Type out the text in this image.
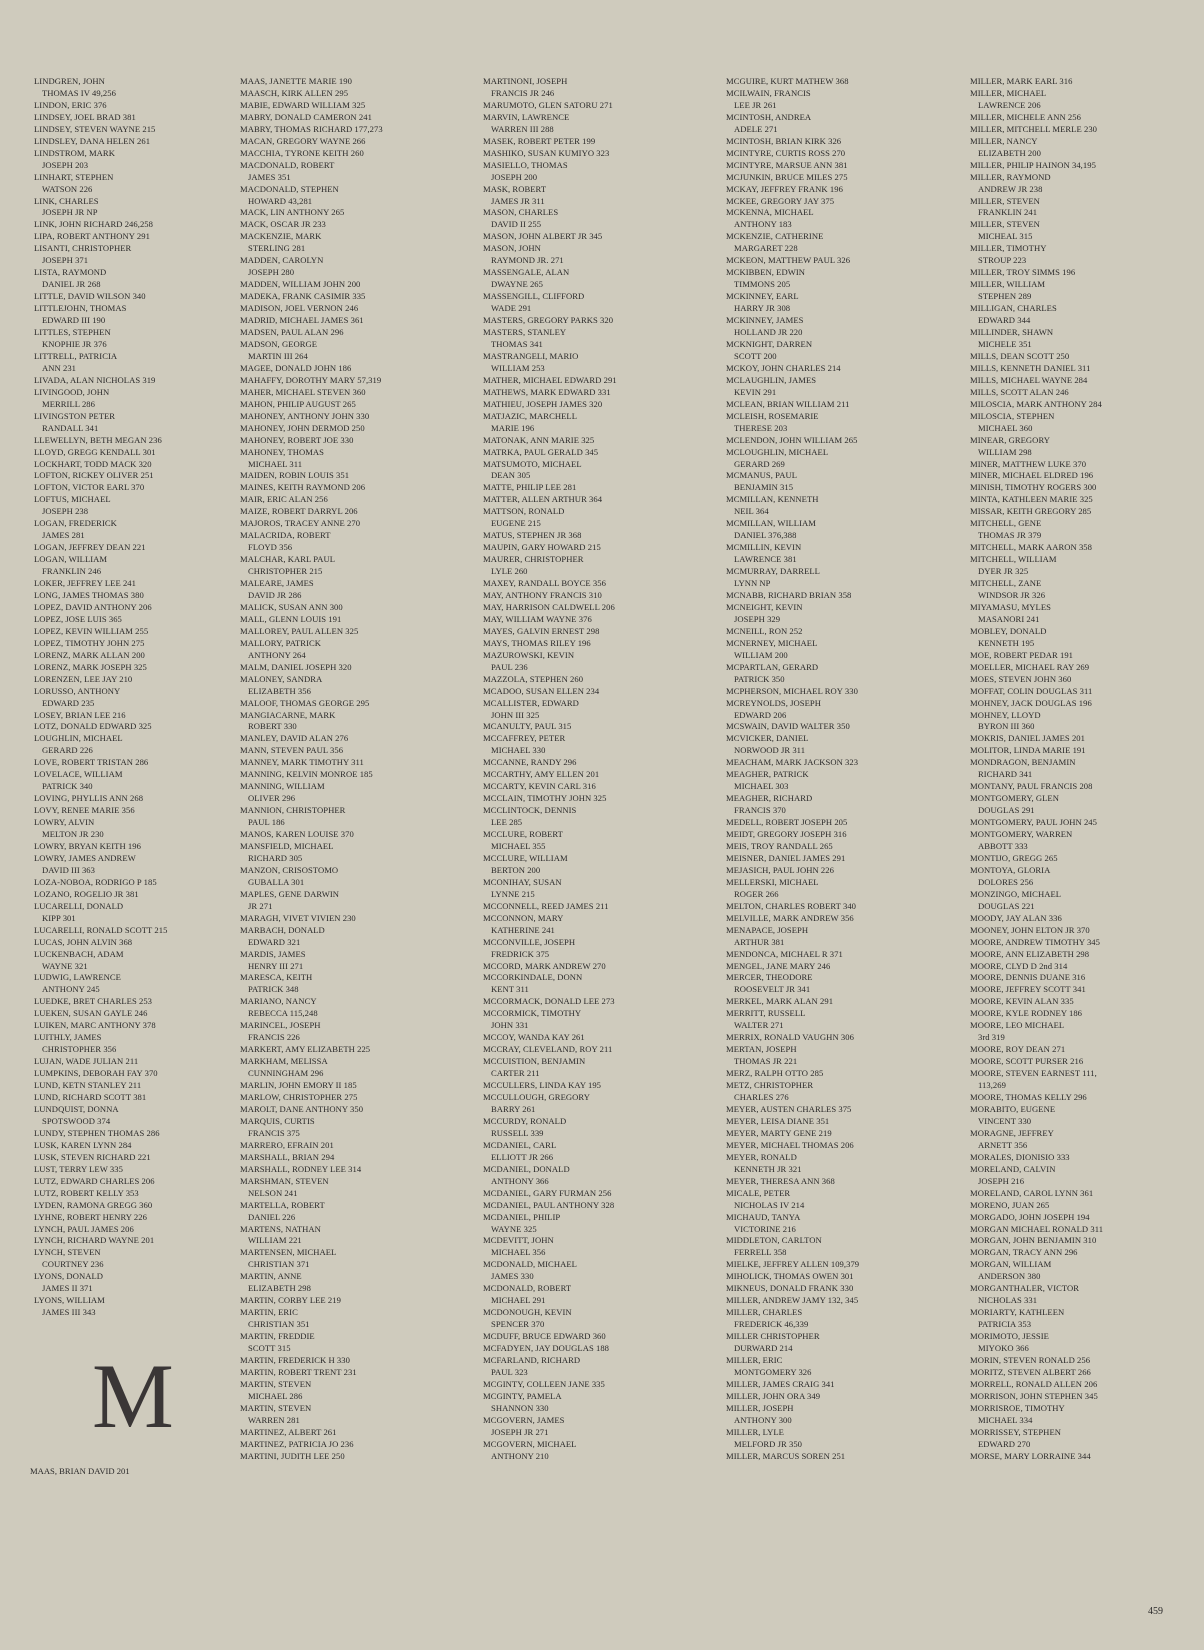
LINDGREN, JOHN
THOMAS IV 49,256
LINDON, ERIC 376
LINDSEY, JOEL BRAD 381
LINDSEY, STEVEN WAYNE 215
LINDSLEY, DANA HELEN 261
LINDSTROM, MARK
JOSEPH 203
LINHART, STEPHEN
WATSON 226
LINK, CHARLES
JOSEPH JR NP
LINK, JOHN RICHARD 246,258
LIPA, ROBERT ANTHONY 291
LISANTI, CHRISTOPHER
JOSEPH 371
LISTA, RAYMOND
DANIEL JR 268
LITTLE, DAVID WILSON 340
LITTLEJOHN, THOMAS
EDWARD III 190
LITTLES, STEPHEN
KNOPHIE JR 376
LITTRELL, PATRICIA
ANN 231
LIVADA, ALAN NICHOLAS 319
LIVINGOOD, JOHN
MERRILL 286
LIVINGSTON PETER
RANDALL 341
LLEWELLYN, BETH MEGAN 236
LLOYD, GREGG KENDALL 301
LOCKHART, TODD MACK 320
LOFTON, RICKEY OLIVER 251
LOFTON, VICTOR EARL 370
LOFTUS, MICHAEL
JOSEPH 238
LOGAN, FREDERICK
JAMES 281
LOGAN, JEFFREY DEAN 221
LOGAN, WILLIAM
FRANKLIN 246
LOKER, JEFFREY LEE 241
LONG, JAMES THOMAS 380
LOPEZ, DAVID ANTHONY 206
LOPEZ, JOSE LUIS 365
LOPEZ, KEVIN WILLIAM 255
LOPEZ, TIMOTHY JOHN 275
LORENZ, MARK ALLAN 200
LORENZ, MARK JOSEPH 325
LORENZEN, LEE JAY 210
LORUSSO, ANTHONY
EDWARD 235
LOSEY, BRIAN LEE 216
LOTZ, DONALD EDWARD 325
LOUGHLIN, MICHAEL
GERARD 226
LOVE, ROBERT TRISTAN 286
LOVELACE, WILLIAM
PATRICK 340
LOVING, PHYLLIS ANN 268
LOVY, RENEE MARIE 356
LOWRY, ALVIN
MELTON JR 230
LOWRY, BRYAN KEITH 196
LOWRY, JAMES ANDREW
DAVID III 363
LOZA-NOBOA, RODRIGO P 185
LOZANO, ROGELIO JR 381
LUCARELLI, DONALD
KIPP 301
LUCARELLI, RONALD SCOTT 215
LUCAS, JOHN ALVIN 368
LUCKENBACH, ADAM
WAYNE 321
LUDWIG, LAWRENCE
ANTHONY 245
LUEDKE, BRET CHARLES 253
LUEKEN, SUSAN GAYLE 246
LUIKEN, MARC ANTHONY 378
LUITHLY, JAMES
CHRISTOPHER 356
LUJAN, WADE JULIAN 211
LUMPKINS, DEBORAH FAY 370
LUND, KETN STANLEY 211
LUND, RICHARD SCOTT 381
LUNDQUIST, DONNA
SPOTSWOOD 374
LUNDY, STEPHEN THOMAS 286
LUSK, KAREN LYNN 284
LUSK, STEVEN RICHARD 221
LUST, TERRY LEW 335
LUTZ, EDWARD CHARLES 206
LUTZ, ROBERT KELLY 353
LYDEN, RAMONA GREGG 360
LYHNE, ROBERT HENRY 226
LYNCH, PAUL JAMES 206
LYNCH, RICHARD WAYNE 201
LYNCH, STEVEN
COURTNEY 236
LYONS, DONALD
JAMES II 371
LYONS, WILLIAM
JAMES III 343
MAAS, JANETTE MARIE 190
MAASCH, KIRK ALLEN 295
MABIE, EDWARD WILLIAM 325
MABRY, DONALD CAMERON 241
MABRY, THOMAS RICHARD 177,273
MACAN, GREGORY WAYNE 266
MACCHIA, TYRONE KEITH 260
MACDONALD, ROBERT
JAMES 351
MACDONALD, STEPHEN
HOWARD 43,281
MACK, LIN ANTHONY 265
MACK, OSCAR JR 233
MACKENZIE, MARK
STERLING 281
MADDEN, CAROLYN
JOSEPH 280
MADDEN, WILLIAM JOHN 200
MADEKA, FRANK CASIMIR 335
MADISON, JOEL VERNON 246
MADRID, MICHAEL JAMES 361
MADSEN, PAUL ALAN 296
MADSON, GEORGE
MARTIN III 264
MAGEE, DONALD JOHN 186
MAHAFFY, DOROTHY MARY 57,319
MAHER, MICHAEL STEVEN 360
MAHON, PHILIP AUGUST 265
MAHONEY, ANTHONY JOHN 330
MAHONEY, JOHN DERMOD 250
MAHONEY, ROBERT JOE 330
MAHONEY, THOMAS
MICHAEL 311
MAIDEN, ROBIN LOUIS 351
MAINES, KEITH RAYMOND 206
MAIR, ERIC ALAN 256
MAIZE, ROBERT DARRYL 206
MAJOROS, TRACEY ANNE 270
MALACRIDA, ROBERT
FLOYD 356
MALCHAR, KARL PAUL
CHRISTOPHER 215
MALEARE, JAMES
DAVID JR 286
MALICK, SUSAN ANN 300
MALL, GLENN LOUIS 191
MALLOREY, PAUL ALLEN 325
MALLORY, PATRICK
ANTHONY 264
MALM, DANIEL JOSEPH 320
MALONEY, SANDRA
ELIZABETH 356
MALOOF, THOMAS GEORGE 295
MANGIACARNE, MARK
ROBERT 330
MANLEY, DAVID ALAN 276
MANN, STEVEN PAUL 356
MANNEY, MARK TIMOTHY 311
MANNING, KELVIN MONROE 185
MANNING, WILLIAM
OLIVER 296
MANNION, CHRISTOPHER
PAUL 186
MANOS, KAREN LOUISE 370
MANSFIELD, MICHAEL
RICHARD 305
MANZON, CRISOSTOMO
GUBALLA 301
MAPLES, GENE DARWIN
JR 271
MARAGH, VIVET VIVIEN 230
MARBACH, DONALD
EDWARD 321
MARDIS, JAMES
HENRY III 271
MARESCA, KEITH
PATRICK 348
MARIANO, NANCY
REBECCA 115,248
MARINCEL, JOSEPH
FRANCIS 226
MARKERT, AMY ELIZABETH 225
MARKHAM, MELISSA
CUNNINGHAM 296
MARLIN, JOHN EMORY II 185
MARLOW, CHRISTOPHER 275
MAROLT, DANE ANTHONY 350
MARQUIS, CURTIS
FRANCIS 375
MARRERO, EFRAIN 201
MARSHALL, BRIAN 294
MARSHALL, RODNEY LEE 314
MARSHMAN, STEVEN
NELSON 241
MARTELLA, ROBERT
DANIEL 226
MARTENS, NATHAN
WILLIAM 221
MARTENSEN, MICHAEL
CHRISTIAN 371
MARTIN, ANNE
ELIZABETH 298
MARTIN, CORBY LEE 219
MARTIN, ERIC
CHRISTIAN 351
MARTIN, FREDDIE
SCOTT 315
MARTIN, FREDERICK H 330
MARTIN, ROBERT TRENT 231
MARTIN, STEVEN
MICHAEL 286
MARTIN, STEVEN
WARREN 281
MARTINEZ, ALBERT 261
MARTINEZ, PATRICIA JO 236
MARTINI, JUDITH LEE 250
MARTINONI, JOSEPH
FRANCIS JR 246
MARUMOTO, GLEN SATORU 271
MARVIN, LAWRENCE
WARREN III 288
MASEK, ROBERT PETER 199
MASHIKO, SUSAN KUMIYO 323
MASIELLO, THOMAS
JOSEPH 200
MASK, ROBERT
JAMES JR 311
MASON, CHARLES
DAVID II 255
MASON, JOHN ALBERT JR 345
MASON, JOHN
RAYMOND JR. 271
MASSENGALE, ALAN
DWAYNE 265
MASSENGILL, CLIFFORD
WADE 291
MASTERS, GREGORY PARKS 320
MASTERS, STANLEY
THOMAS 341
MASTRANGELI, MARIO
WILLIAM 253
MATHER, MICHAEL EDWARD 291
MATHEWS, MARK EDWARD 331
MATHIEU, JOSEPH JAMES 320
MATJAZIC, MARCHELL
MARIE 196
MATONAK, ANN MARIE 325
MATRKA, PAUL GERALD 345
MATSUMOTO, MICHAEL
DEAN 305
MATTE, PHILIP LEE 281
MATTER, ALLEN ARTHUR 364
MATTSON, RONALD
EUGENE 215
MATUS, STEPHEN JR 368
MAUPIN, GARY HOWARD 215
MAURER, CHRISTOPHER
LYLE 260
MAXEY, RANDALL BOYCE 356
MAY, ANTHONY FRANCIS 310
MAY, HARRISON CALDWELL 206
MAY, WILLIAM WAYNE 376
MAYES, GALVIN ERNEST 298
MAYS, THOMAS RILEY 196
MAZUROWSKI, KEVIN
PAUL 236
MAZZOLA, STEPHEN 260
MCADOO, SUSAN ELLEN 234
MCALLISTER, EDWARD
JOHN III 325
MCANULTY, PAUL 315
MCCAFFREY, PETER
MICHAEL 330
MCCANNE, RANDY 296
MCCARTHY, AMY ELLEN 201
MCCARTY, KEVIN CARL 316
MCCLAIN, TIMOTHY JOHN 325
MCCLINTOCK, DENNIS
LEE 285
MCCLURE, ROBERT
MICHAEL 355
MCCLURE, WILLIAM
BERTON 200
MCONIHAY, SUSAN
LYNNE 215
MCCONNELL, REED JAMES 211
MCCONNON, MARY
KATHERINE 241
MCCONVILLE, JOSEPH
FREDRICK 375
MCCORD, MARK ANDREW 270
MCCORKINDALE, DONN
KENT 311
MCCORMACK, DONALD LEE 273
MCCORMICK, TIMOTHY
JOHN 331
MCCOY, WANDA KAY 261
MCCRAY, CLEVELAND, ROY 211
MCCUISTION, BENJAMIN
CARTER 211
MCCULLERS, LINDA KAY 195
MCCULLOUGH, GREGORY
BARRY 261
MCCURDY, RONALD
RUSSELL 339
MCDANIEL, CARL
ELLIOTT JR 266
MCDANIEL, DONALD
ANTHONY 366
MCDANIEL, GARY FURMAN 256
MCDANIEL, PAUL ANTHONY 328
MCDANIEL, PHILIP
WAYNE 325
MCDEVITT, JOHN
MICHAEL 356
MCDONALD, MICHAEL
JAMES 330
MCDONALD, ROBERT
MICHAEL 291
MCDONOUGH, KEVIN
SPENCER 370
MCDUFF, BRUCE EDWARD 360
MCFADYEN, JAY DOUGLAS 188
MCFARLAND, RICHARD
PAUL 323
MCGINTY, COLLEEN JANE 335
MCGINTY, PAMELA
SHANNON 330
MCGOVERN, JAMES
JOSEPH JR 271
MCGOVERN, MICHAEL
ANTHONY 210
MCGUIRE, KURT MATHEW 368
MCILWAIN, FRANCIS
LEE JR 261
MCINTOSH, ANDREA
ADELE 271
MCINTOSH, BRIAN KIRK 326
MCINTYRE, CURTIS ROSS 270
MCINTYRE, MARSUE ANN 381
MCJUNKIN, BRUCE MILES 275
MCKAY, JEFFREY FRANK 196
MCKEE, GREGORY JAY 375
MCKENNA, MICHAEL
ANTHONY 183
MCKENZIE, CATHERINE
MARGARET 228
MCKEON, MATTHEW PAUL 326
MCKIBBEN, EDWIN
TIMMONS 205
MCKINNEY, EARL
HARRY JR 308
MCKINNEY, JAMES
HOLLAND JR 220
MCKNIGHT, DARREN
SCOTT 200
MCKOY, JOHN CHARLES 214
MCLAUGHLIN, JAMES
KEVIN 291
MCLEAN, BRIAN WILLIAM 211
MCLEISH, ROSEMARIE
THERESE 203
MCLENDON, JOHN WILLIAM 265
MCLOUGHLIN, MICHAEL
GERARD 269
MCMANUS, PAUL
BENJAMIN 315
MCMILLAN, KENNETH
NEIL 364
MCMILLAN, WILLIAM
DANIEL 376,388
MCMILLIN, KEVIN
LAWRENCE 381
MCMURRAY, DARRELL
LYNN NP
MCNABB, RICHARD BRIAN 358
MCNEIGHT, KEVIN
JOSEPH 329
MCNEILL, RON 252
MCNERNEY, MICHAEL
WILLIAM 200
MCPARTLAN, GERARD
PATRICK 350
MCPHERSON, MICHAEL ROY 330
MCREYNOLDS, JOSEPH
EDWARD 206
MCSWAIN, DAVID WALTER 350
MCVICKER, DANIEL
NORWOOD JR 311
MEACHAM, MARK JACKSON 323
MEAGHER, PATRICK
MICHAEL 303
MEAGHER, RICHARD
FRANCIS 370
MEDELL, ROBERT JOSEPH 205
MEIDT, GREGORY JOSEPH 316
MEIS, TROY RANDALL 265
MEISNER, DANIEL JAMES 291
MEJASICH, PAUL JOHN 226
MELLERSKI, MICHAEL
ROGER 266
MELTON, CHARLES ROBERT 340
MELVILLE, MARK ANDREW 356
MENAPACE, JOSEPH
ARTHUR 381
MENDONCA, MICHAEL R 371
MENGEL, JANE MARY 246
MERCER, THEODORE
ROOSEVELT JR 341
MERKEL, MARK ALAN 291
MERRITT, RUSSELL
WALTER 271
MERRIX, RONALD VAUGHN 306
MERTAN, JOSEPH
THOMAS JR 221
MERZ, RALPH OTTO 285
METZ, CHRISTOPHER
CHARLES 276
MEYER, AUSTEN CHARLES 375
MEYER, LEISA DIANE 351
MEYER, MARTY GENE 219
MEYER, MICHAEL THOMAS 206
MEYER, RONALD
KENNETH JR 321
MEYER, THERESA ANN 368
MICALE, PETER
NICHOLAS IV 214
MICHAUD, TANYA
VICTORINE 216
MIDDLETON, CARLTON
FERRELL 358
MIELKE, JEFFREY ALLEN 109,379
MIHOLICK, THOMAS OWEN 301
MIKNEUS, DONALD FRANK 330
MILLER, ANDREW JAMY 132, 345
MILLER, CHARLES
FREDERICK 46,339
MILLER CHRISTOPHER
DURWARD 214
MILLER, ERIC
MONTGOMERY 326
MILLER, JAMES CRAIG 341
MILLER, JOHN ORA 349
MILLER, JOSEPH
ANTHONY 300
MILLER, LYLE
MELFORD JR 350
MILLER, MARCUS SOREN 251
MILLER, MARK EARL 316
MILLER, MICHAEL
LAWRENCE 206
MILLER, MICHELE ANN 256
MILLER, MITCHELL MERLE 230
MILLER, NANCY
ELIZABETH 200
MILLER, PHILIP HAINON 34,195
MILLER, RAYMOND
ANDREW JR 238
MILLER, STEVEN
FRANKLIN 241
MILLER, STEVEN
MICHEAL 315
MILLER, TIMOTHY
STROUP 223
MILLER, TROY SIMMS 196
MILLER, WILLIAM
STEPHEN 289
MILLIGAN, CHARLES
EDWARD 344
MILLINDER, SHAWN
MICHELE 351
MILLS, DEAN SCOTT 250
MILLS, KENNETH DANIEL 311
MILLS, MICHAEL WAYNE 284
MILLS, SCOTT ALAN 246
MILOSCIA, MARK ANTHONY 284
MILOSCIA, STEPHEN
MICHAEL 360
MINEAR, GREGORY
WILLIAM 298
MINER, MATTHEW LUKE 370
MINER, MICHAEL ELDRED 196
MINISH, TIMOTHY ROGERS 300
MINTA, KATHLEEN MARIE 325
MISSAR, KEITH GREGORY 285
MITCHELL, GENE
THOMAS JR 379
MITCHELL, MARK AARON 358
MITCHELL, WILLIAM
DYER JR 325
MITCHELL, ZANE
WINDSOR JR 326
MIYAMASU, MYLES
MASANORI 241
MOBLEY, DONALD
KENNETH 195
MOE, ROBERT PEDAR 191
MOELLER, MICHAEL RAY 269
MOES, STEVEN JOHN 360
MOFFAT, COLIN DOUGLAS 311
MOHNEY, JACK DOUGLAS 196
MOHNEY, LLOYD
BYRON III 360
MOKRIS, DANIEL JAMES 201
MOLITOR, LINDA MARIE 191
MONDRAGON, BENJAMIN
RICHARD 341
MONTANY, PAUL FRANCIS 208
MONTGOMERY, GLEN
DOUGLAS 291
MONTGOMERY, PAUL JOHN 245
MONTGOMERY, WARREN
ABBOTT 333
MONTIJO, GREGG 265
MONTOYA, GLORIA
DOLORES 256
MONZINGO, MICHAEL
DOUGLAS 221
MOODY, JAY ALAN 336
MOONEY, JOHN ELTON JR 370
MOORE, ANDREW TIMOTHY 345
MOORE, ANN ELIZABETH 298
MOORE, CLYD D 2nd 314
MOORE, DENNIS DUANE 316
MOORE, JEFFREY SCOTT 341
MOORE, KEVIN ALAN 335
MOORE, KYLE RODNEY 186
MOORE, LEO MICHAEL
3rd 319
MOORE, ROY DEAN 271
MOORE, SCOTT PURSER 216
MOORE, STEVEN EARNEST 111,
113,269
MOORE, THOMAS KELLY 296
MORABITO, EUGENE
VINCENT 330
MORAGNE, JEFFREY
ARNETT 356
MORALES, DIONISIO 333
MORELAND, CALVIN
JOSEPH 216
MORELAND, CAROL LYNN 361
MORENO, JUAN 265
MORGADO, JOHN JOSEPH 194
MORGAN MICHAEL RONALD 311
MORGAN, JOHN BENJAMIN 310
MORGAN, TRACY ANN 296
MORGAN, WILLIAM
ANDERSON 380
MORGANTHALER, VICTOR
NICHOLAS 331
MORIARTY, KATHLEEN
PATRICIA 353
MORIMOTO, JESSIE
MIYOKO 366
MORIN, STEVEN RONALD 256
MORITZ, STEVEN ALBERT 266
MORRELL, RONALD ALLEN 206
MORRISON, JOHN STEPHEN 345
MORRISROE, TIMOTHY
MICHAEL 334
MORRISSEY, STEPHEN
EDWARD 270
MORSE, MARY LORRAINE 344
M
MAAS, BRIAN DAVID 201
459
